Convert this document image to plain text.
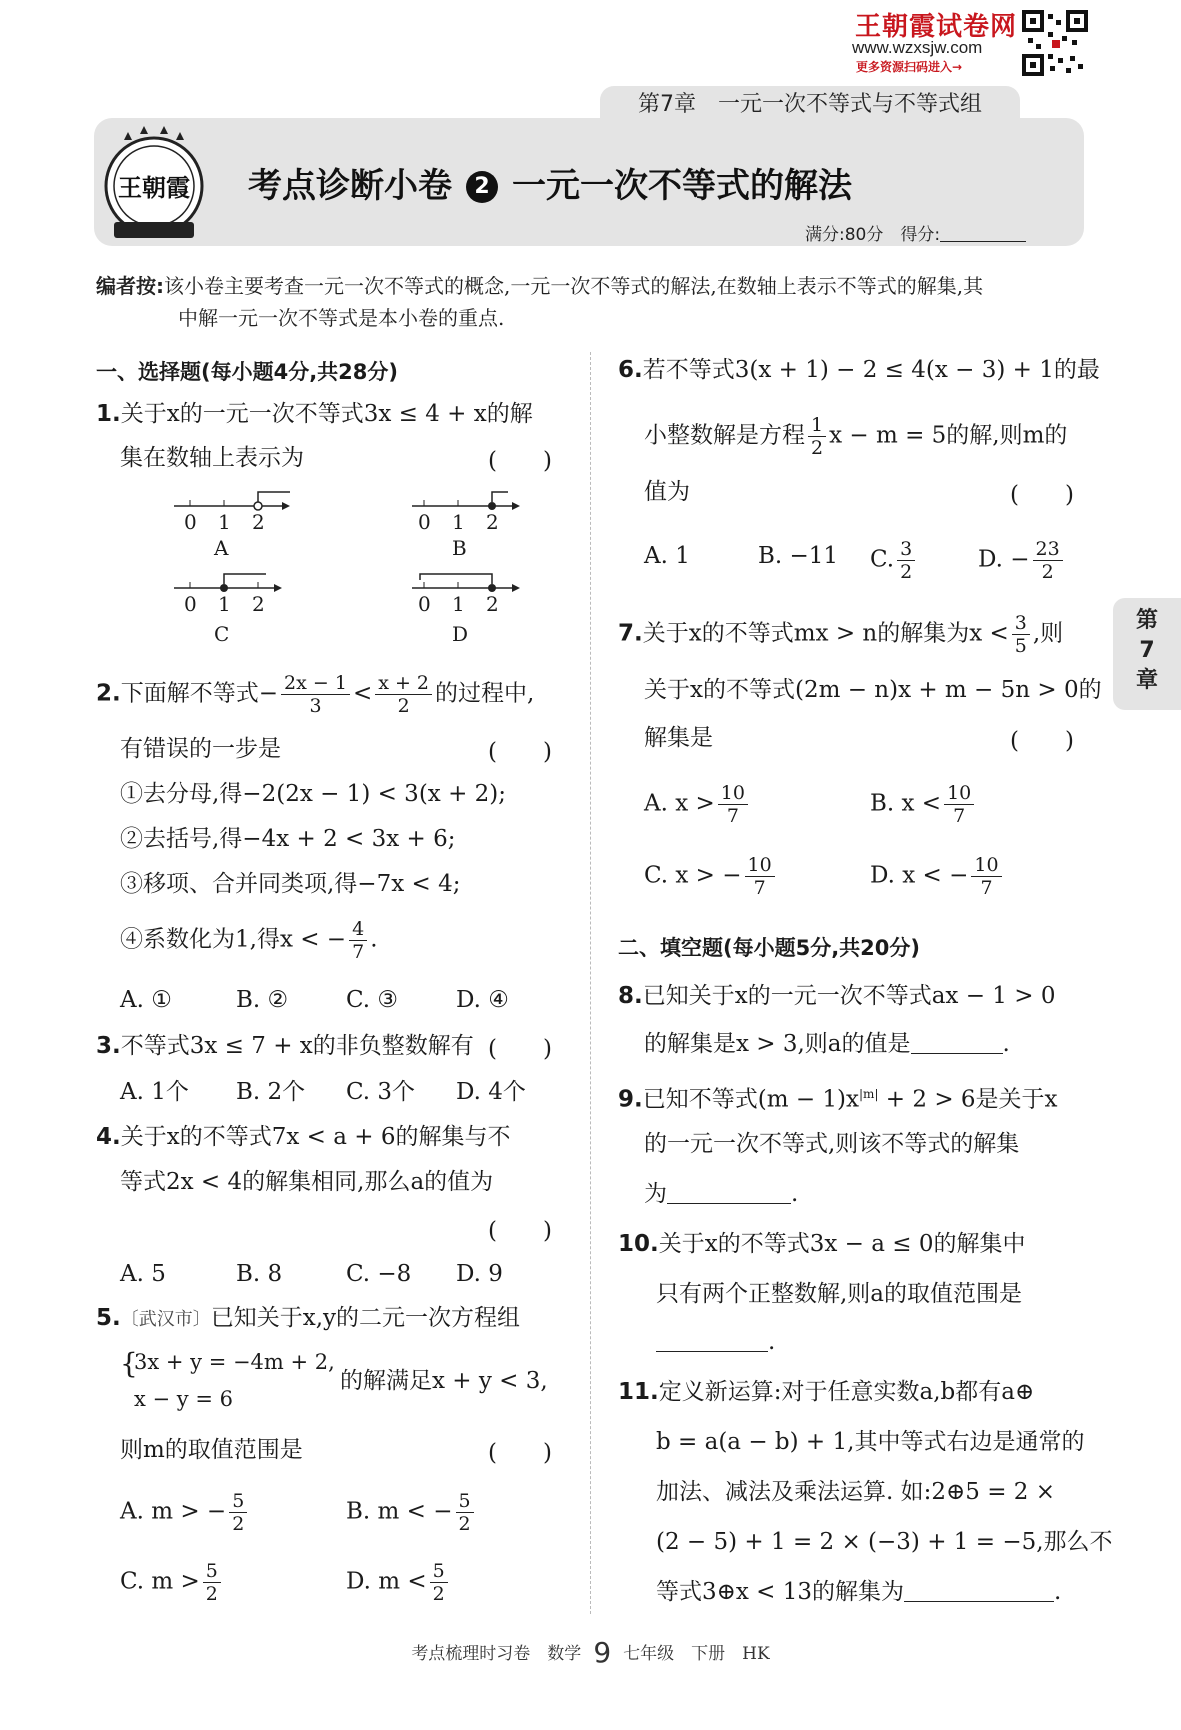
王朝霞试卷网
www.wzxsjw.com
更多资源扫码进入→
第7章　一元一次不等式与不等式组
王朝霞 考点诊断小卷 2 一元一次不等式的解法
满分:80分　得分:
编者按:该小卷主要考查一元一次不等式的概念,一元一次不等式的解法,在数轴上表示不等式的解集,其
中解一元一次不等式是本小卷的重点.
一、选择题(每小题4分,共28分)
1.关于x的一元一次不等式3x ≤ 4 + x的解
集在数轴上表示为	(　　)
0 1 2
A
0 1 2
B
0 1 2
C
0 1 2
D
2.下面解不等式− $\frac{2x - 1}{3} < \frac{x + 2}{2}$ 的过程中,
有错误的一步是	(　　)
①去分母,得−2(2x − 1) < 3(x + 2);
②去括号,得−4x + 2 < 3x + 6;
③移项、合并同类项,得−7x < 4;
④系数化为1,得x < − $\frac{4}{7}$ .
A. ①	B. ②	C. ③	D. ④
3.不等式3x ≤ 7 + x的非负整数解有 (　　)
A. 1个 B. 2个 C. 3个 D. 4个
4.关于x的不等式7x < a + 6的解集与不
等式2x < 4的解集相同,那么a的值为
(　　)
A. 5	B. 8	C. −8 D. 9
5.〔武汉市〕已知关于x,y的二元一次方程组
{
3x + y = −4m + 2,
x − y = 6
的解满足x + y < 3,
则m的取值范围是	(　　)
A. m > − $\frac{5}{2}$	B. m < − $\frac{5}{2}$
C. $m > \frac{5}{2}$	D. $m < \frac{5}{2}$
6.若不等式3(x + 1) − 2 ≤ 4(x − 3) + 1的最
小整数解是方程 $\frac{1}{2}$ x − m = 5的解,则m的
值为	(　　)
A. 1	B. −11 C. $\frac{3}{2}$	D. − $\frac{23}{2}$
7.关于x的不等式mx > n的解集为$x < \frac{3}{5}$ ,则
关于x的不等式(2m − n)x + m − 5n > 0的
解集是	(　　)
A. $x > \frac{10}{7}$	B. $x < \frac{10}{7}$
C. x > − $\frac{10}{7}$	D. x < − $\frac{10}{7}$
二、填空题(每小题5分,共20分)
8.已知关于x的一元一次不等式ax − 1 > 0
的解集是x > 3,则a的值是	.
9.已知不等式$(m - 1)x^{|m|} + 2 > 6$是关于x
的一元一次不等式,则该不等式的解集
为	.
10.关于x的不等式3x − a ≤ 0的解集中
只有两个正整数解,则a的取值范围是
.
11.定义新运算:对于任意实数a,b都有a⊕
b = a(a − b) + 1,其中等式右边是通常的
加法、减法及乘法运算. 如:2⊕5 = 2 ×
(2 − 5) + 1 = 2 × (−3) + 1 = −5,那么不
等式3⊕x < 13的解集为	.
第
7
章
考点梳理时习卷　数学 9 七年级　下册　HK
